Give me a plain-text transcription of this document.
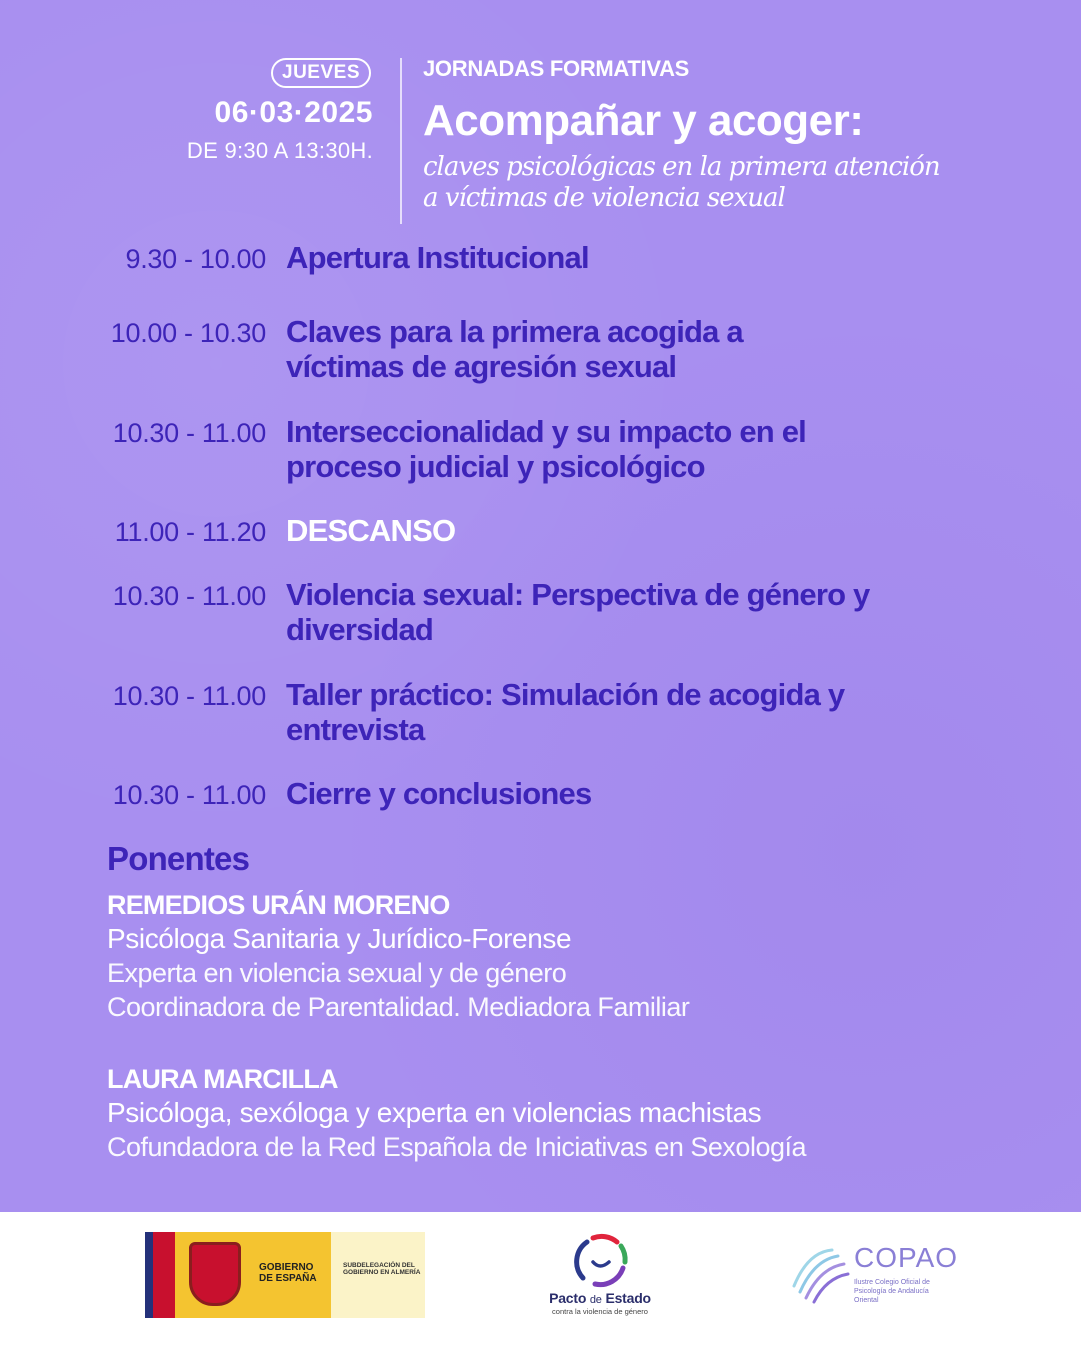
JUEVES
06·03·2025
DE 9:30 A 13:30H.
JORNADAS FORMATIVAS
Acompañar y acoger:
claves psicológicas en la primera atención
a víctimas de violencia sexual
9.30 - 10.00 Apertura Institucional
10.00 - 10.30 Claves para la primera acogida a víctimas de agresión sexual
10.30 - 11.00 Interseccionalidad y su impacto en el proceso judicial y psicológico
11.00 - 11.20 DESCANSO
10.30 - 11.00 Violencia sexual: Perspectiva de género y diversidad
10.30 - 11.00 Taller práctico: Simulación de acogida y entrevista
10.30 - 11.00 Cierre y conclusiones
Ponentes
REMEDIOS URÁN MORENO
Psicóloga Sanitaria y Jurídico-Forense
Experta en violencia sexual y de género
Coordinadora de Parentalidad. Mediadora Familiar
LAURA MARCILLA
Psicóloga, sexóloga y experta en violencias machistas
Cofundadora de la Red Española de Iniciativas en Sexología
GOBIERNO
DE ESPAÑA
SUBDELEGACIÓN DEL GOBIERNO EN ALMERÍA
Pacto de Estado
contra la violencia de género
COPAO
Ilustre Colegio Oficial de Psicología de Andalucía Oriental
